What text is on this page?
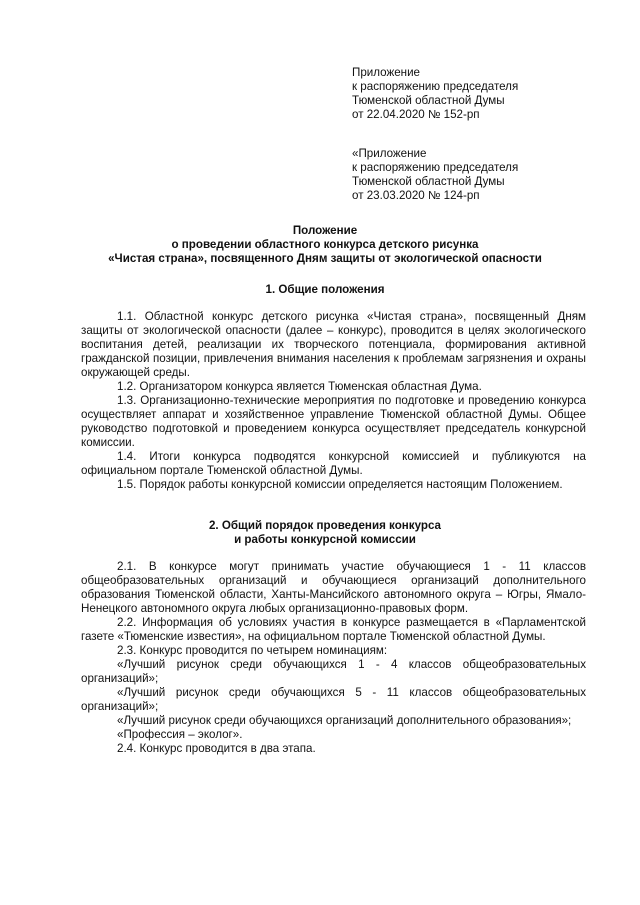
Приложение
к распоряжению председателя
Тюменской областной Думы
от 22.04.2020 № 152-рп
«Приложение
к распоряжению председателя
Тюменской областной Думы
от 23.03.2020 № 124-рп
Положение
о проведении областного конкурса детского рисунка
«Чистая страна», посвященного Дням защиты от экологической опасности
1. Общие положения
1.1. Областной конкурс детского рисунка «Чистая страна», посвященный Дням защиты от экологической опасности (далее – конкурс), проводится в целях экологического воспитания детей, реализации их творческого потенциала, формирования активной гражданской позиции, привлечения внимания населения к проблемам загрязнения и охраны окружающей среды.
1.2. Организатором конкурса является Тюменская областная Дума.
1.3. Организационно-технические мероприятия по подготовке и проведению конкурса осуществляет аппарат и хозяйственное управление Тюменской областной Думы. Общее руководство подготовкой и проведением конкурса осуществляет председатель конкурсной комиссии.
1.4. Итоги конкурса подводятся конкурсной комиссией и публикуются на официальном портале Тюменской областной Думы.
1.5. Порядок работы конкурсной комиссии определяется настоящим Положением.
2. Общий порядок проведения конкурса
и работы конкурсной комиссии
2.1. В конкурсе могут принимать участие обучающиеся 1 - 11 классов общеобразовательных организаций и обучающиеся организаций дополнительного образования Тюменской области, Ханты-Мансийского автономного округа – Югры, Ямало-Ненецкого автономного округа любых организационно-правовых форм.
2.2. Информация об условиях участия в конкурсе размещается в «Парламентской газете «Тюменские известия», на официальном портале Тюменской областной Думы.
2.3. Конкурс проводится по четырем номинациям:
«Лучший рисунок среди обучающихся 1 - 4 классов общеобразовательных организаций»;
«Лучший рисунок среди обучающихся 5 - 11 классов общеобразовательных организаций»;
«Лучший рисунок среди обучающихся организаций дополнительного образования»;
«Профессия – эколог».
2.4. Конкурс проводится в два этапа.
